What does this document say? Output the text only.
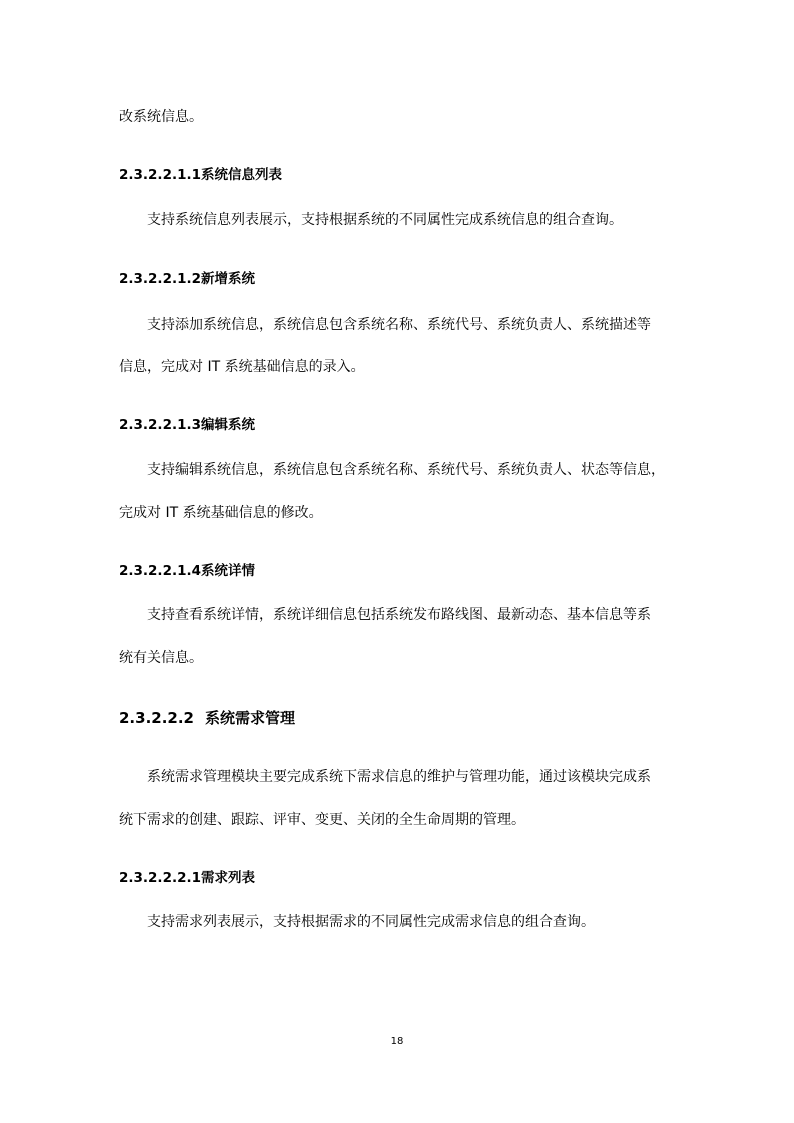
改系统信息。

2.3.2.2.1.1系统信息列表

支持系统信息列表展示，支持根据系统的不同属性完成系统信息的组合查询。

2.3.2.2.1.2新增系统

支持添加系统信息，系统信息包含系统名称、系统代号、系统负责人、系统描述等

信息，完成对 IT 系统基础信息的录入。

2.3.2.2.1.3编辑系统

支持编辑系统信息，系统信息包含系统名称、系统代号、系统负责人、状态等信息，

完成对 IT 系统基础信息的修改。

2.3.2.2.1.4系统详情

支持查看系统详情，系统详细信息包括系统发布路线图、最新动态、基本信息等系

统有关信息。

2.3.2.2.2 系统需求管理

系统需求管理模块主要完成系统下需求信息的维护与管理功能，通过该模块完成系

统下需求的创建、跟踪、评审、变更、关闭的全生命周期的管理。

2.3.2.2.2.1需求列表

支持需求列表展示，支持根据需求的不同属性完成需求信息的组合查询。

18
